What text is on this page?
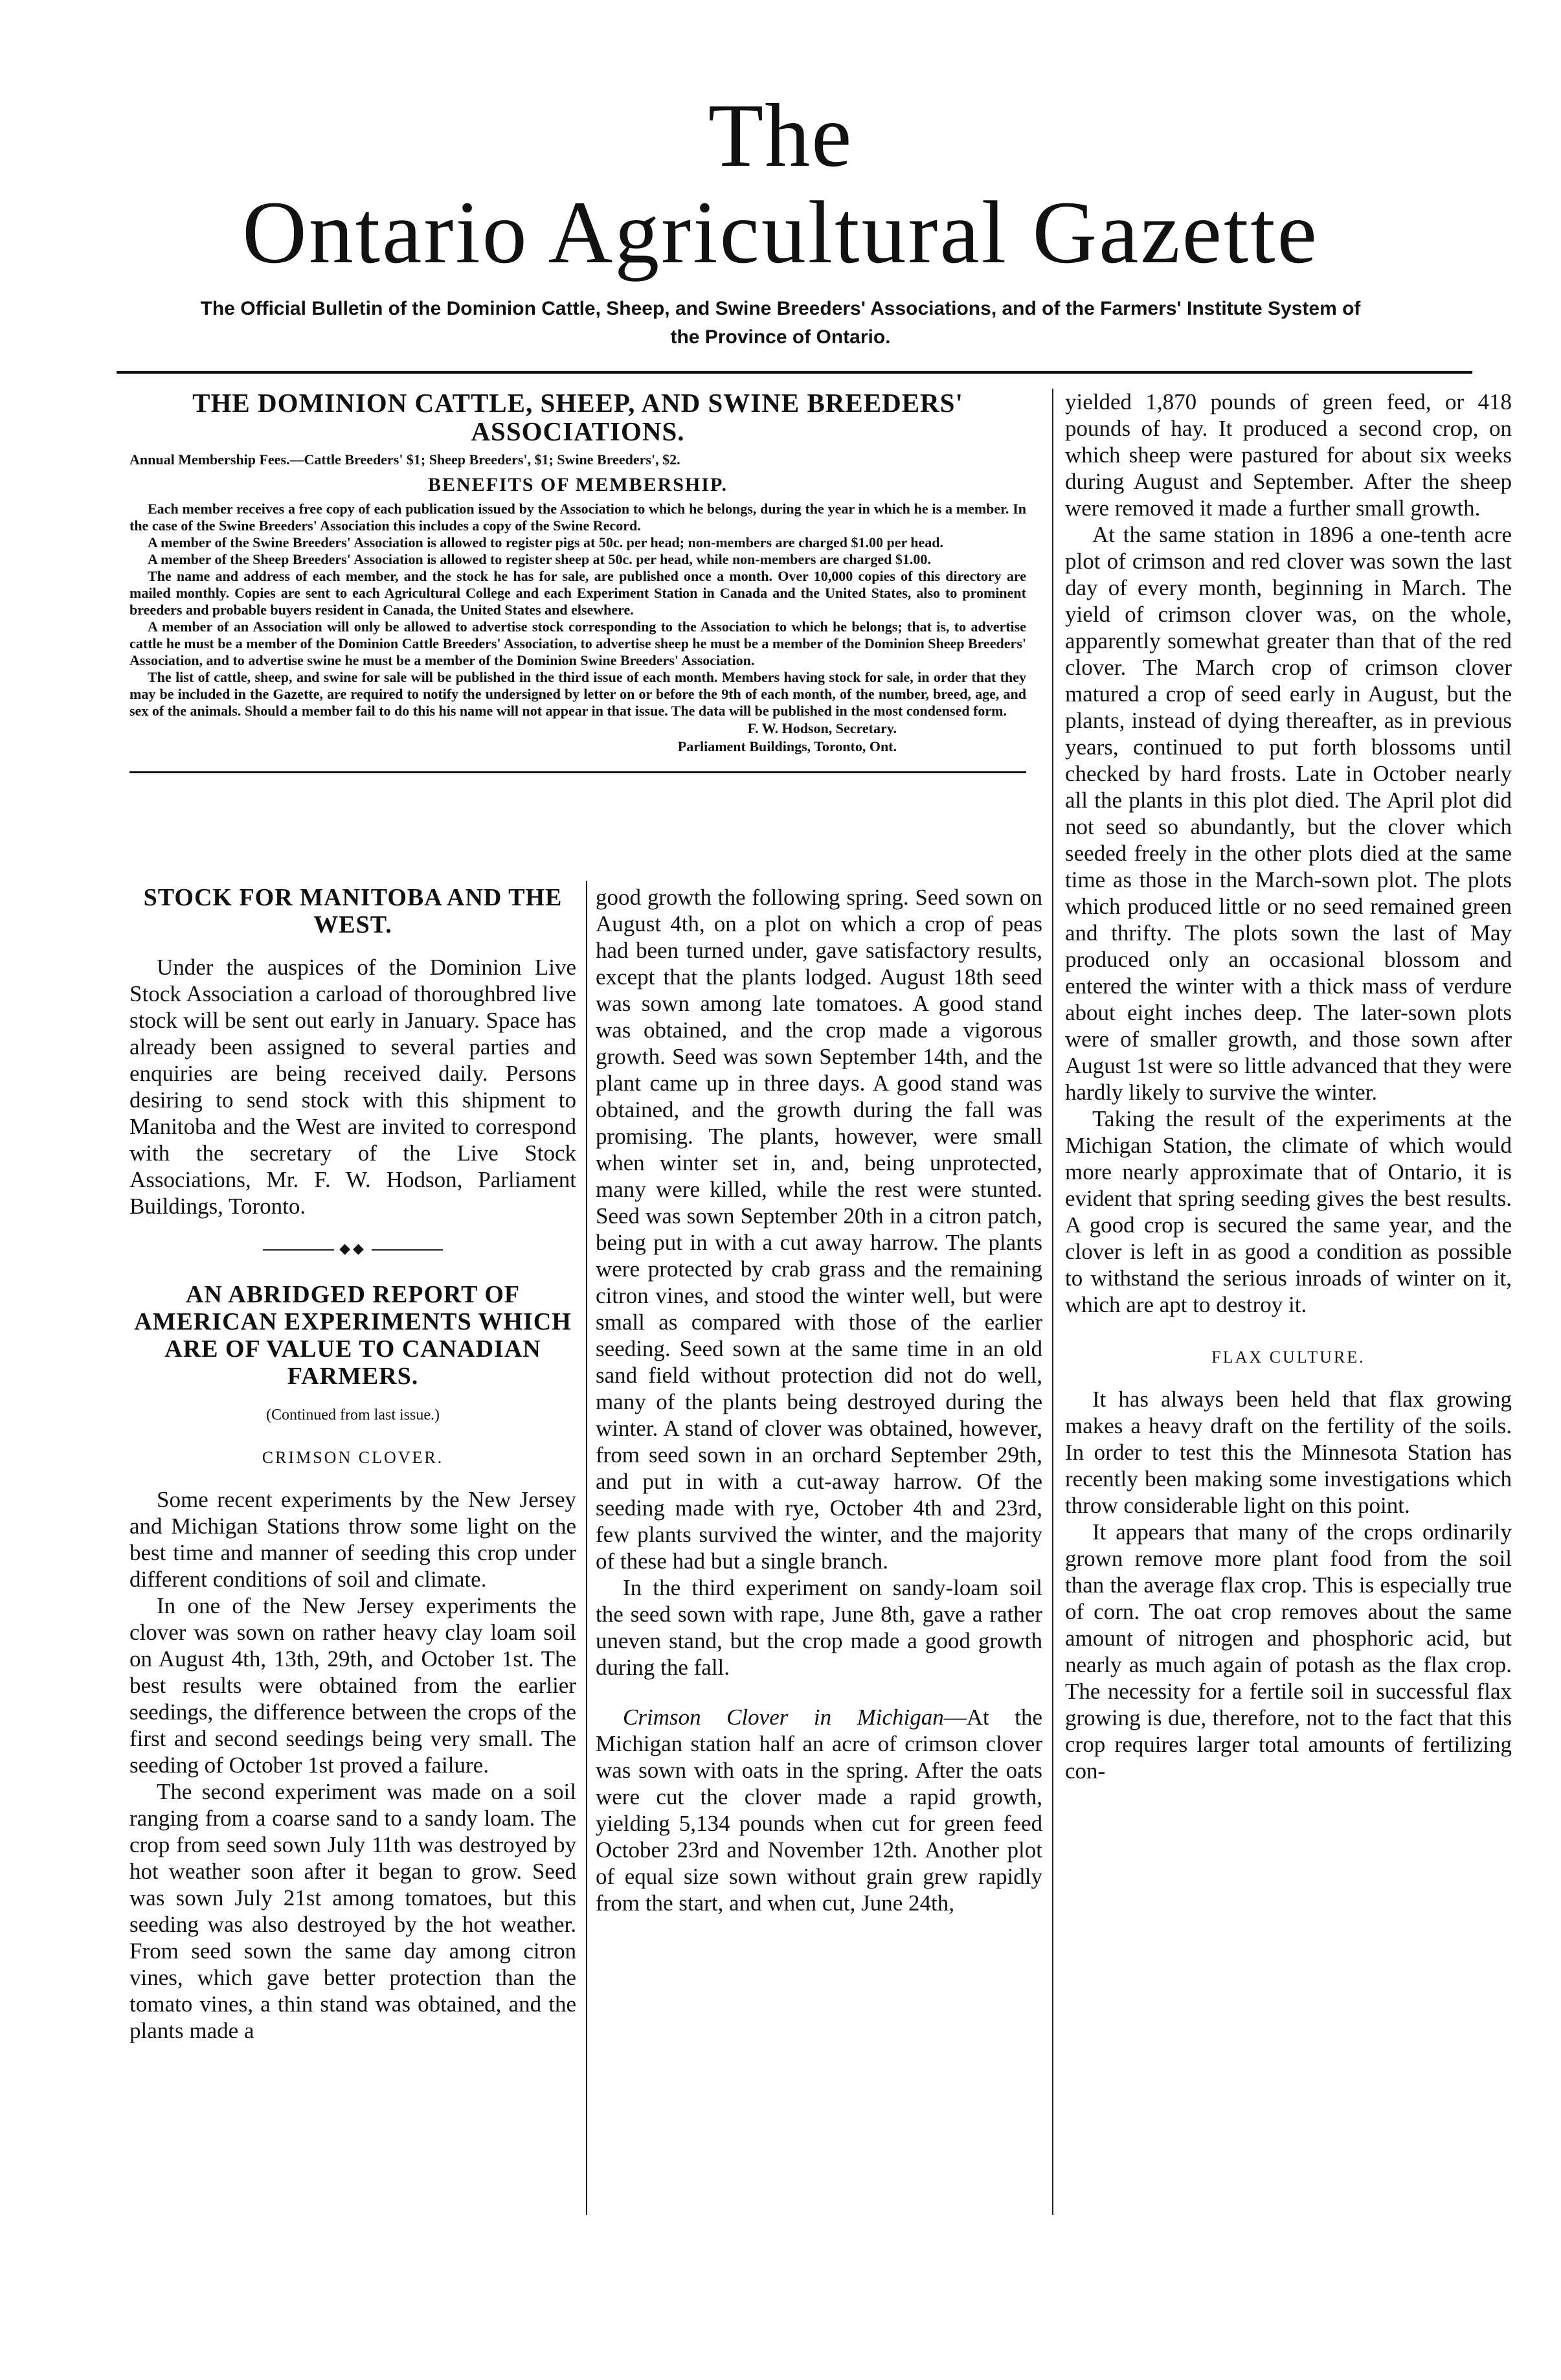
The
Ontario Agricultural Gazette
The Official Bulletin of the Dominion Cattle, Sheep, and Swine Breeders' Associations, and of the Farmers' Institute System of the Province of Ontario.
THE DOMINION CATTLE, SHEEP, AND SWINE BREEDERS' ASSOCIATIONS.
Annual Membership Fees.—Cattle Breeders' $1; Sheep Breeders', $1; Swine Breeders', $2.
BENEFITS OF MEMBERSHIP.

Each member receives a free copy of each publication issued by the Association to which he belongs, during the year in which he is a member. In the case of the Swine Breeders' Association this includes a copy of the Swine Record.

A member of the Swine Breeders' Association is allowed to register pigs at 50c. per head; non-members are charged $1.00 per head.

A member of the Sheep Breeders' Association is allowed to register sheep at 50c. per head, while non-members are charged $1.00.

The name and address of each member, and the stock he has for sale, are published once a month. Over 10,000 copies of this directory are mailed monthly. Copies are sent to each Agricultural College and each Experiment Station in Canada and the United States, also to prominent breeders and probable buyers resident in Canada, the United States and elsewhere.

A member of an Association will only be allowed to advertise stock corresponding to the Association to which he belongs; that is, to advertise cattle he must be a member of the Dominion Cattle Breeders' Association, to advertise sheep he must be a member of the Dominion Sheep Breeders' Association, and to advertise swine he must be a member of the Dominion Swine Breeders' Association.

The list of cattle, sheep, and swine for sale will be published in the third issue of each month. Members having stock for sale, in order that they may be included in the Gazette, are required to notify the undersigned by letter on or before the 9th of each month, of the number, breed, age, and sex of the animals. Should a member fail to do this his name will not appear in that issue. The data will be published in the most condensed form.

F. W. Hodson, Secretary.
Parliament Buildings, Toronto, Ont.
STOCK FOR MANITOBA AND THE WEST.

Under the auspices of the Dominion Live Stock Association a carload of thoroughbred live stock will be sent out early in January. Space has already been assigned to several parties and enquiries are being received daily. Persons desiring to send stock with this shipment to Manitoba and the West are invited to correspond with the secretary of the Live Stock Associations, Mr. F. W. Hodson, Parliament Buildings, Toronto.

◆◆
AN ABRIDGED REPORT OF AMERICAN EXPERIMENTS WHICH ARE OF VALUE TO CANADIAN FARMERS.
(Continued from last issue.)
CRIMSON CLOVER.

Some recent experiments by the New Jersey and Michigan Stations throw some light on the best time and manner of seeding this crop under different conditions of soil and climate.

In one of the New Jersey experiments the clover was sown on rather heavy clay loam soil on August 4th, 13th, 29th, and October 1st. The best results were obtained from the earlier seedings, the difference between the crops of the first and second seedings being very small. The seeding of October 1st proved a failure.

The second experiment was made on a soil ranging from a coarse sand to a sandy loam. The crop from seed sown July 11th was destroyed by hot weather soon after it began to grow. Seed was sown July 21st among tomatoes, but this seeding was also destroyed by the hot weather. From seed sown the same day among citron vines, which gave better protection than the tomato vines, a thin stand was obtained, and the plants made a

good growth the following spring. Seed sown on August 4th, on a plot on which a crop of peas had been turned under, gave satisfactory results, except that the plants lodged. August 18th seed was sown among late tomatoes. A good stand was obtained, and the crop made a vigorous growth. Seed was sown September 14th, and the plant came up in three days. A good stand was obtained, and the growth during the fall was promising. The plants, however, were small when winter set in, and, being unprotected, many were killed, while the rest were stunted. Seed was sown September 20th in a citron patch, being put in with a cut away harrow. The plants were protected by crab grass and the remaining citron vines, and stood the winter well, but were small as compared with those of the earlier seeding. Seed sown at the same time in an old sand field without protection did not do well, many of the plants being destroyed during the winter. A stand of clover was obtained, however, from seed sown in an orchard September 29th, and put in with a cut-away harrow. Of the seeding made with rye, October 4th and 23rd, few plants survived the winter, and the majority of these had but a single branch.

In the third experiment on sandy-loam soil the seed sown with rape, June 8th, gave a rather uneven stand, but the crop made a good growth during the fall.

Crimson Clover in Michigan—At the Michigan station half an acre of crimson clover was sown with oats in the spring. After the oats were cut the clover made a rapid growth, yielding 5,134 pounds when cut for green feed October 23rd and November 12th. Another plot of equal size sown without grain grew rapidly from the start, and when cut, June 24th,

yielded 1,870 pounds of green feed, or 418 pounds of hay. It produced a second crop, on which sheep were pastured for about six weeks during August and September. After the sheep were removed it made a further small growth.

At the same station in 1896 a one-tenth acre plot of crimson and red clover was sown the last day of every month, beginning in March. The yield of crimson clover was, on the whole, apparently somewhat greater than that of the red clover. The March crop of crimson clover matured a crop of seed early in August, but the plants, instead of dying thereafter, as in previous years, continued to put forth blossoms until checked by hard frosts. Late in October nearly all the plants in this plot died. The April plot did not seed so abundantly, but the clover which seeded freely in the other plots died at the same time as those in the March-sown plot. The plots which produced little or no seed remained green and thrifty. The plots sown the last of May produced only an occasional blossom and entered the winter with a thick mass of verdure about eight inches deep. The later-sown plots were of smaller growth, and those sown after August 1st were so little advanced that they were hardly likely to survive the winter.

Taking the result of the experiments at the Michigan Station, the climate of which would more nearly approximate that of Ontario, it is evident that spring seeding gives the best results. A good crop is secured the same year, and the clover is left in as good a condition as possible to withstand the serious inroads of winter on it, which are apt to destroy it.

FLAX CULTURE.

It has always been held that flax growing makes a heavy draft on the fertility of the soils. In order to test this the Minnesota Station has recently been making some investigations which throw considerable light on this point.

It appears that many of the crops ordinarily grown remove more plant food from the soil than the average flax crop. This is especially true of corn. The oat crop removes about the same amount of nitrogen and phosphoric acid, but nearly as much again of potash as the flax crop. The necessity for a fertile soil in successful flax growing is due, therefore, not to the fact that this crop requires larger total amounts of fertilizing con-
